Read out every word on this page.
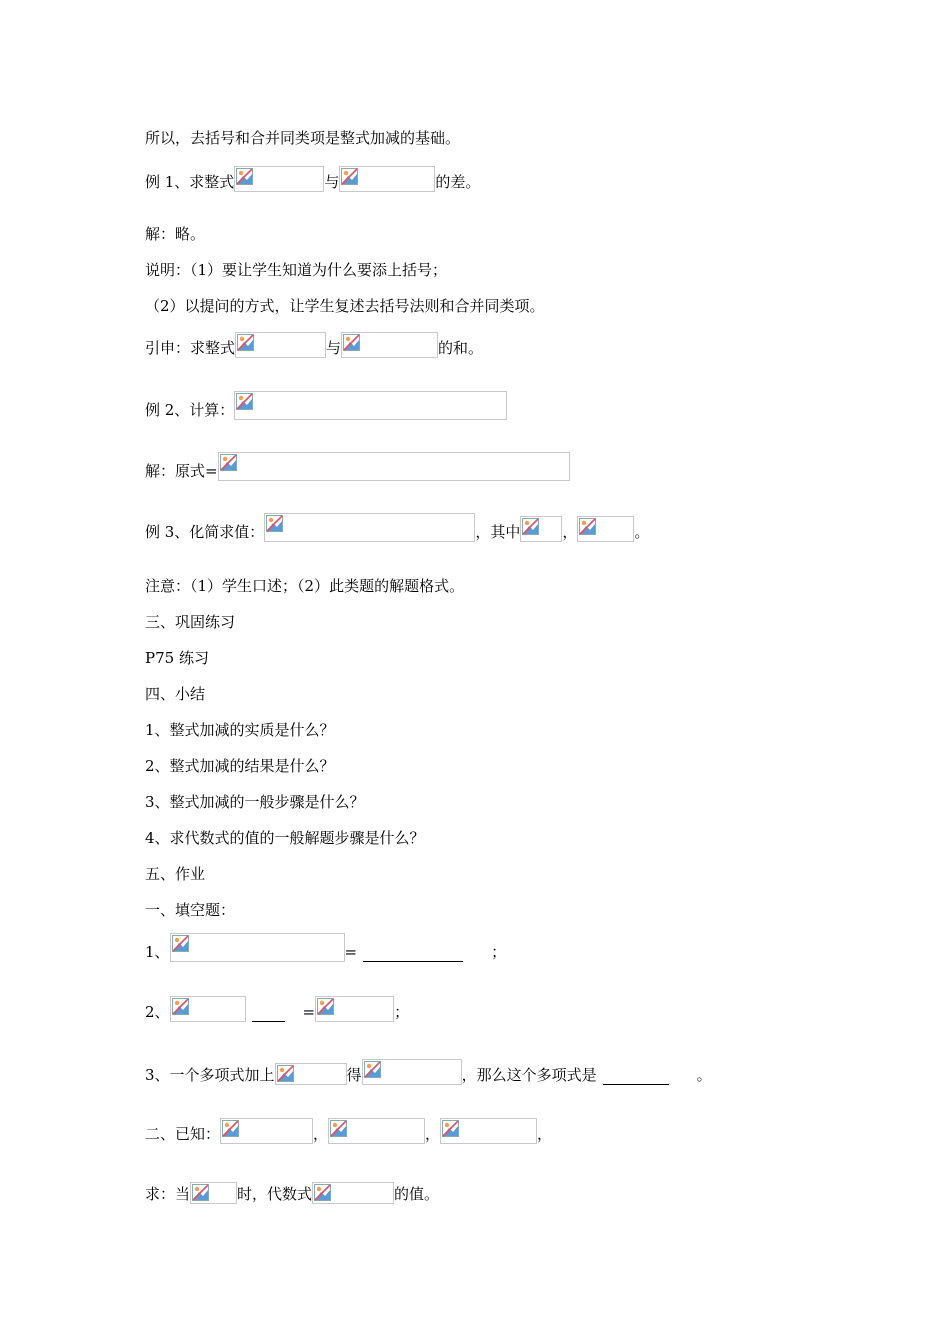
所以，去括号和合并同类项是整式加减的基础。
例 1、求整式	与	的差。
解：略。
说明：（1）要让学生知道为什么要添上括号；
（2）以提问的方式，让学生复述去括号法则和合并同类项。
引申：求整式	与	的和。
例 2、计算：
解：原式=
例 3、化简求值：	，其中	，	。
注意：（1）学生口述；（2）此类题的解题格式。
三、巩固练习
P75 练习
四、小结
1、整式加减的实质是什么？
2、整式加减的结果是什么？
3、整式加减的一般步骤是什么？
4、求代数式的值的一般解题步骤是什么？
五、作业
一、填空题：
1、	=	；
2、	=	；
3、一个多项式加上	得	，那么这个多项式是	。
二、已知：	，	，	，
求：当	时，代数式	的值。
